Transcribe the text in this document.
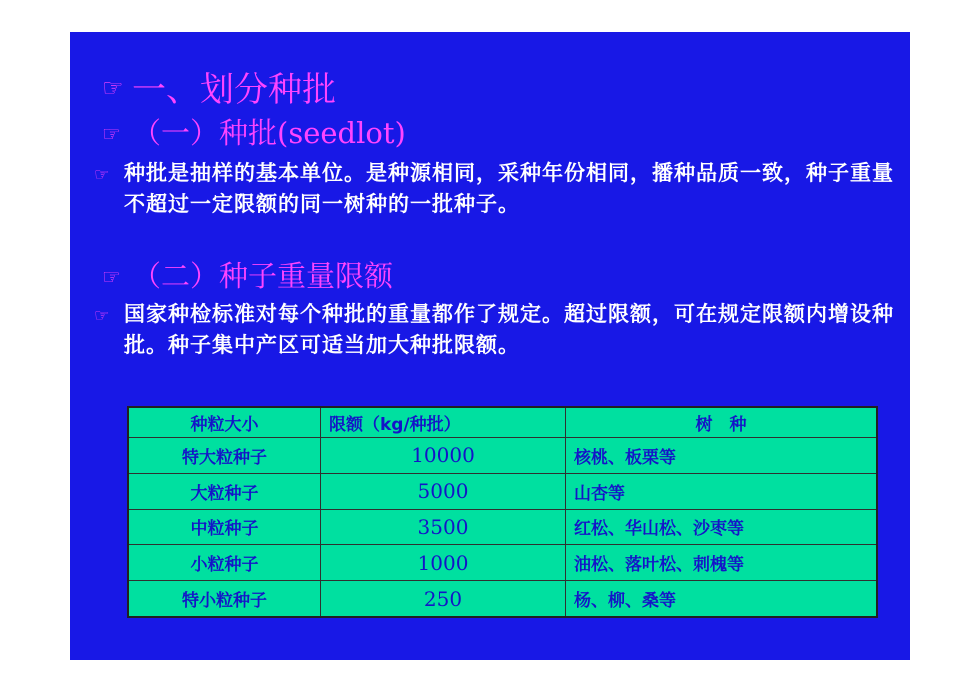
☞ 一、划分种批
☞ （一）种批(seedlot)
☞ 种批是抽样的基本单位。是种源相同，采种年份相同，播种品质一致，种子重量不超过一定限额的同一树种的一批种子。
☞ （二）种子重量限额
☞ 国家种检标准对每个种批的重量都作了规定。超过限额，可在规定限额内增设种批。种子集中产区可适当加大种批限额。
种粒大小	限额（kg/种批）	树　种
特大粒种子	10000	核桃、板栗等
大粒种子	5000	山杏等
中粒种子	3500	红松、华山松、沙枣等
小粒种子	1000	油松、落叶松、刺槐等
特小粒种子	250	杨、柳、桑等
